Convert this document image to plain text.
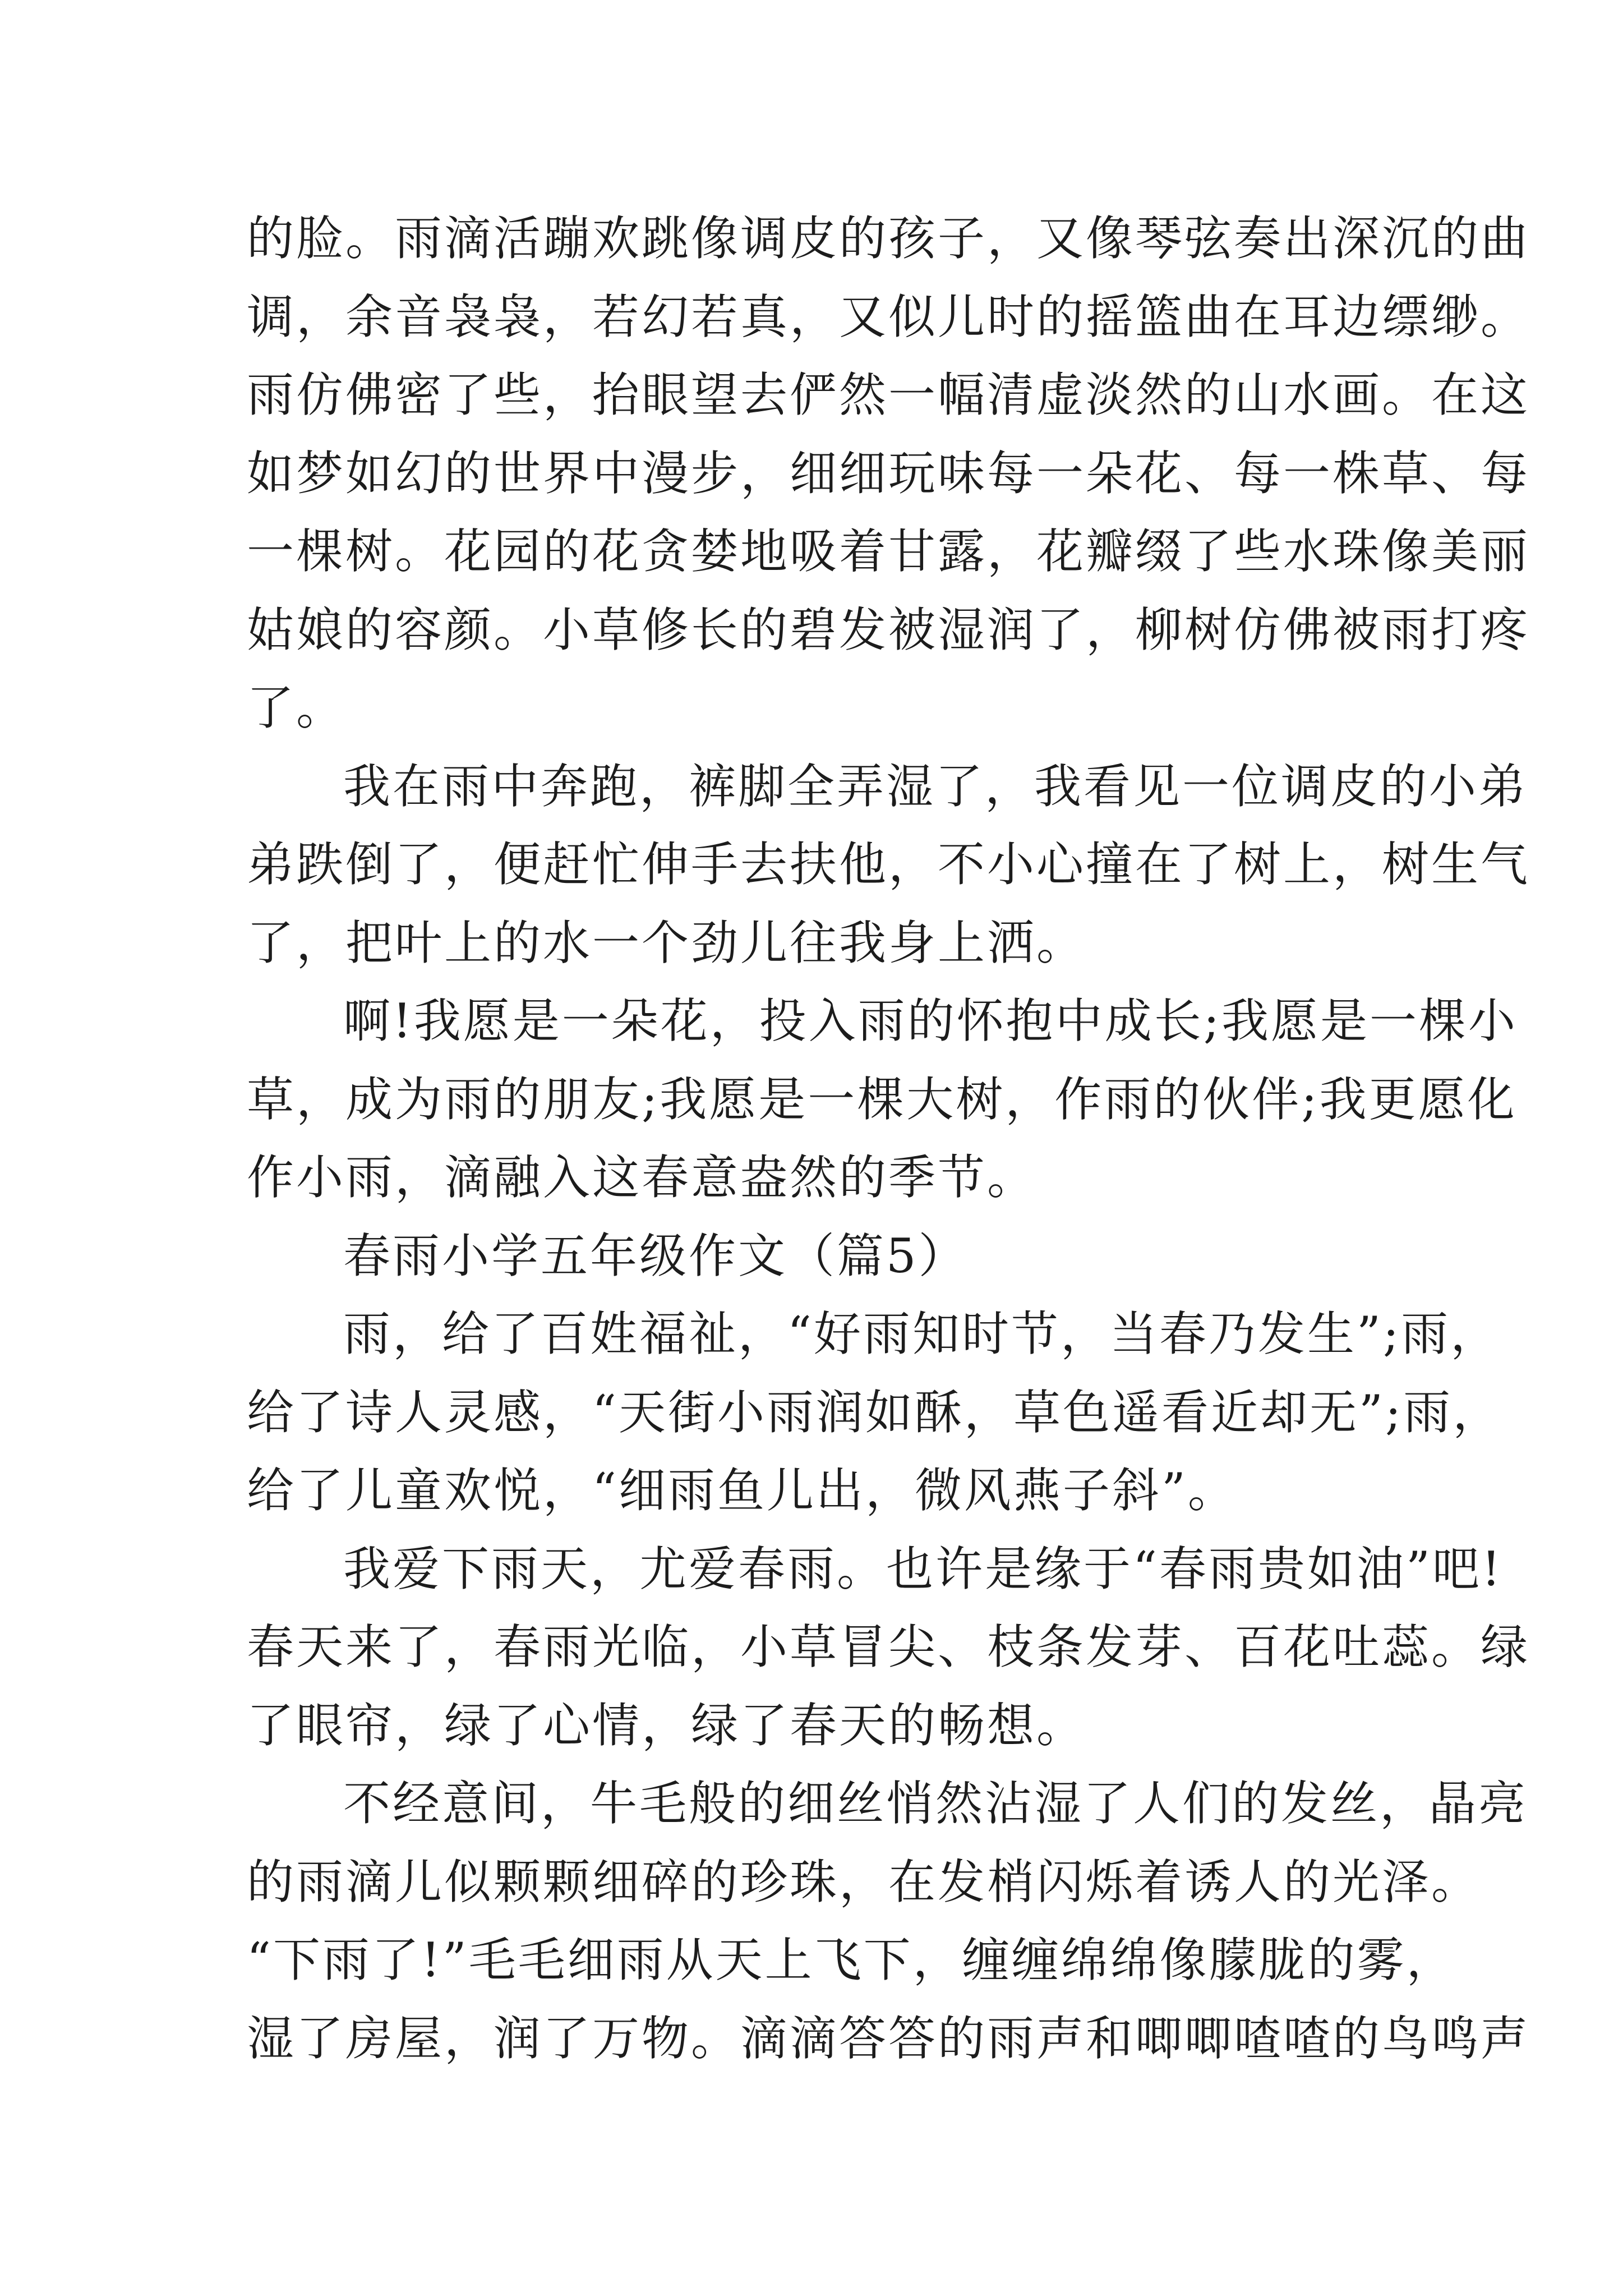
的脸。雨滴活蹦欢跳像调皮的孩子，又像琴弦奏出深沉的曲
调，余音袅袅，若幻若真，又似儿时的摇篮曲在耳边缥缈。
雨仿佛密了些，抬眼望去俨然一幅清虚淡然的山水画。在这
如梦如幻的世界中漫步，细细玩味每一朵花、每一株草、每
一棵树。花园的花贪婪地吸着甘露，花瓣缀了些水珠像美丽
姑娘的容颜。小草修长的碧发被湿润了，柳树仿佛被雨打疼
了。
我在雨中奔跑，裤脚全弄湿了，我看见一位调皮的小弟
弟跌倒了，便赶忙伸手去扶他，不小心撞在了树上，树生气
了，把叶上的水一个劲儿往我身上洒。
啊!我愿是一朵花，投入雨的怀抱中成长;我愿是一棵小
草，成为雨的朋友;我愿是一棵大树，作雨的伙伴;我更愿化
作小雨，滴融入这春意盎然的季节。
春雨小学五年级作文（篇5）
雨，给了百姓福祉，“好雨知时节，当春乃发生”;雨，
给了诗人灵感，“天街小雨润如酥，草色遥看近却无”;雨，
给了儿童欢悦，“细雨鱼儿出，微风燕子斜”。
我爱下雨天，尤爱春雨。也许是缘于“春雨贵如油”吧!
春天来了，春雨光临，小草冒尖、枝条发芽、百花吐蕊。绿
了眼帘，绿了心情，绿了春天的畅想。
不经意间，牛毛般的细丝悄然沾湿了人们的发丝，晶亮
的雨滴儿似颗颗细碎的珍珠，在发梢闪烁着诱人的光泽。
“下雨了!”毛毛细雨从天上飞下，缠缠绵绵像朦胧的雾，
湿了房屋，润了万物。滴滴答答的雨声和唧唧喳喳的鸟鸣声
